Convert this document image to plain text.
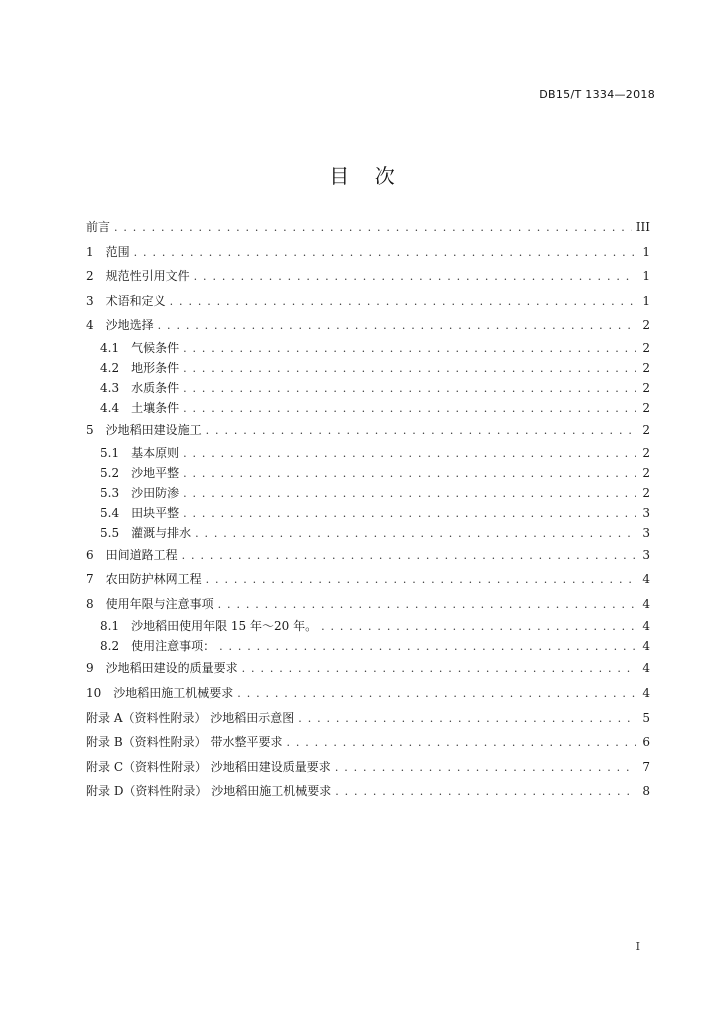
DB15/T 1334—2018
目    次
前言 . . .	III
1	范围 . . .	1
2	规范性引用文件 . . .	1
3	术语和定义 . . .	1
4	沙地选择 . . .	2
4.1	气候条件 . . .	2
4.2	地形条件 . . .	2
4.3	水质条件 . . .	2
4.4	土壤条件 . . .	2
5	沙地稻田建设施工 . . .	2
5.1	基本原则 . . .	2
5.2	沙地平整 . . .	2
5.3	沙田防渗 . . .	2
5.4	田块平整 . . .	3
5.5	灌溉与排水 . . .	3
6	田间道路工程 . . .	3
7	农田防护林网工程 . . .	4
8	使用年限与注意事项 . . .	4
8.1	沙地稻田使用年限 15 年～20 年。 . . .	4
8.2	使用注意事项： . . .	4
9	沙地稻田建设的质量要求 . . .	4
10	沙地稻田施工机械要求 . . .	4
附录 A（资料性附录） 沙地稻田示意图 . . .	5
附录 B（资料性附录） 带水整平要求 . . .	6
附录 C（资料性附录） 沙地稻田建设质量要求 . . .	7
附录 D（资料性附录） 沙地稻田施工机械要求 . . .	8
I
